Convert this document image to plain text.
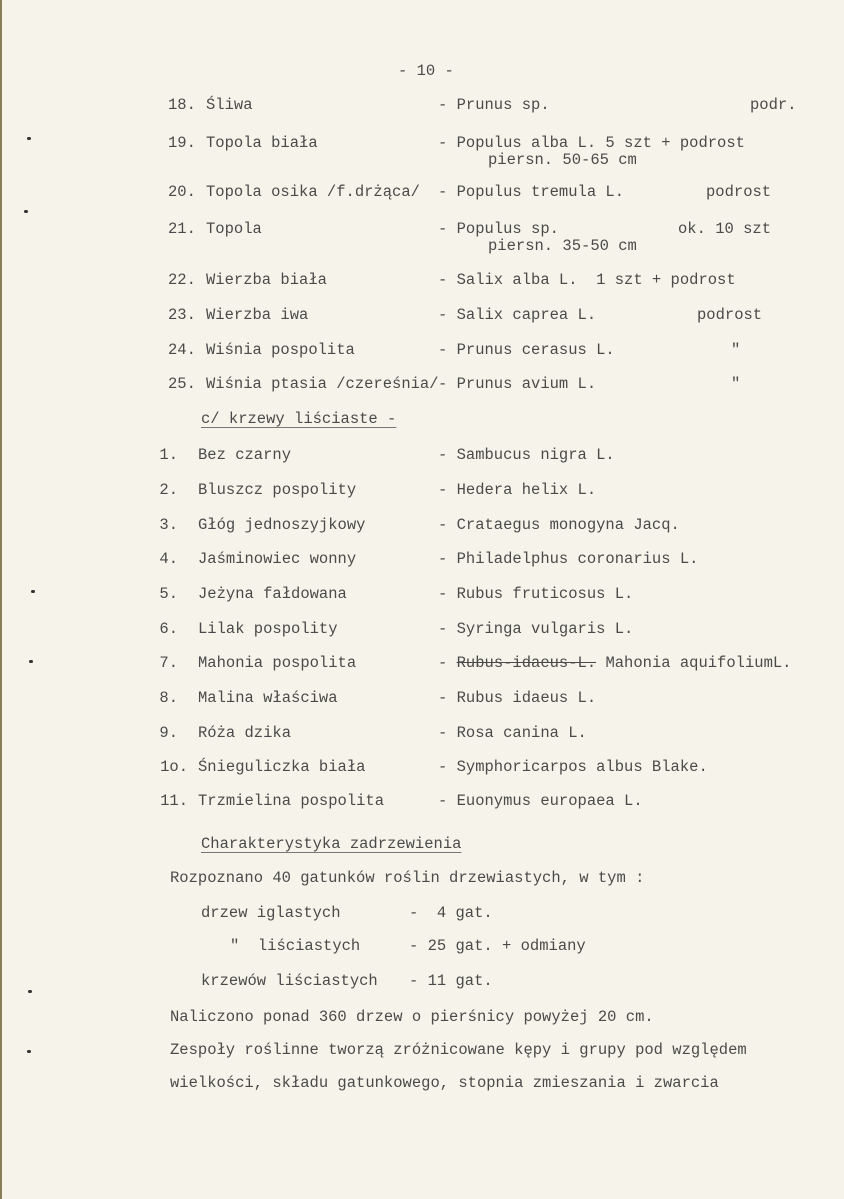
- 10 -
18. Śliwa	- Prunus sp.	podr.
19. Topola biała	- Populus alba L. 5 szt + podrost
piersn. 50-65 cm
20. Topola osika /f.drżąca/ - Populus tremula L.	podrost
21. Topola	- Populus sp.	ok. 10 szt
piersn. 35-50 cm
22. Wierzba biała	- Salix alba L.  1 szt + podrost
23. Wierzba iwa	- Salix caprea L.	podrost
24. Wiśnia pospolita	- Prunus cerasus L.	"
25. Wiśnia ptasia /czereśnia/ - Prunus avium L.	"
c/ krzewy liściaste -
1. Bez czarny	- Sambucus nigra L.
2. Bluszcz pospolity	- Hedera helix L.
3. Głóg jednoszyjkowy	- Crataegus monogyna Jacq.
4. Jaśminowiec wonny	- Philadelphus coronarius L.
5. Jeżyna fałdowana	- Rubus fruticosus L.
6. Lilak pospolity	- Syringa vulgaris L.
7. Mahonia pospolita	- Rubus-idaeus-L. Mahonia aquifoliumL.
8. Malina właściwa	- Rubus idaeus L.
9. Róża dzika	- Rosa canina L.
1o. Śnieguliczka biała	- Symphoricarpos albus Blake.
11. Trzmielina pospolita	- Euonymus europaea L.
Charakterystyka zadrzewienia
Rozpoznano 40 gatunków roślin drzewiastych, w tym :
drzew iglastych	-  4 gat.
"  liściastych	- 25 gat. + odmiany
krzewów liściastych - 11 gat.
Naliczono ponad 360 drzew o pierśnicy powyżej 20 cm.
Zespoły roślinne tworzą zróżnicowane kępy i grupy pod względem
wielkości, składu gatunkowego, stopnia zmieszania i zwarcia
